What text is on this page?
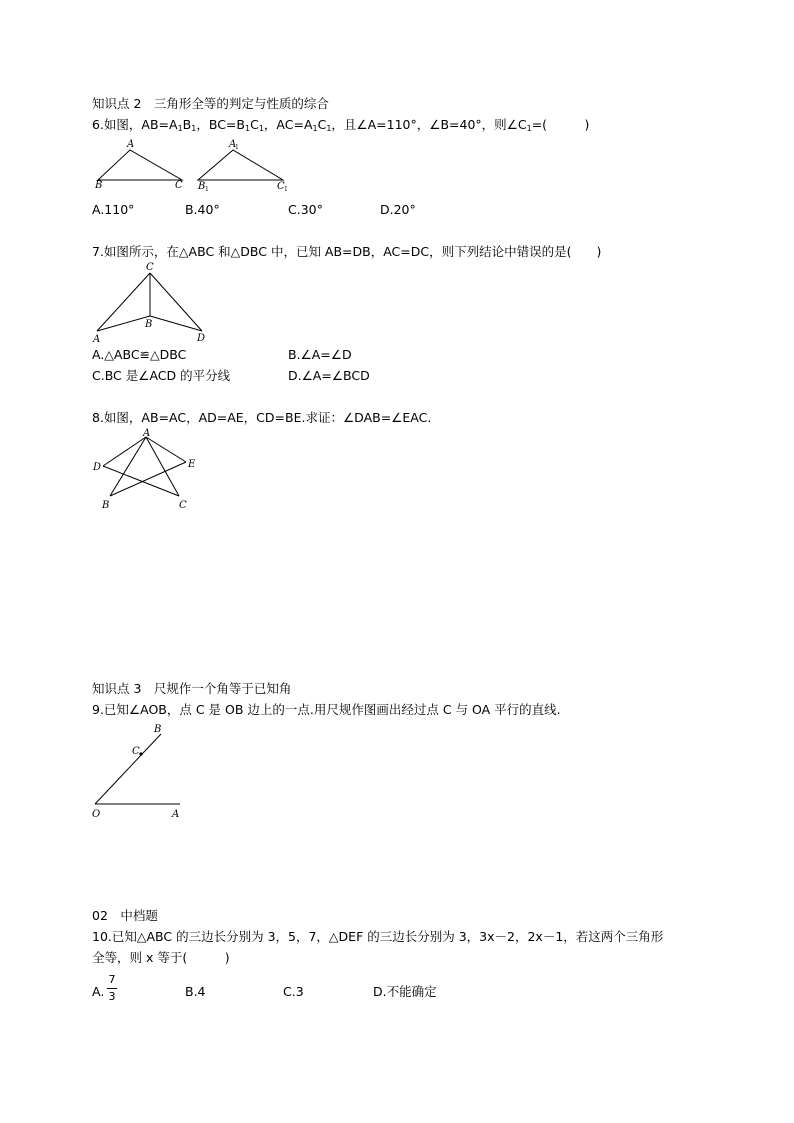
知识点 2　三角形全等的判定与性质的综合
6.如图，$AB=A_1B_1$，$BC=B_1C_1$，$AC=A_1C_1$，且∠A=110°，∠B=40°，则$\angle C_1=$(　　　)
A
B	C
A
1
B 1	C 1
A.110°	B.40°	C.30°	D.20°
7.如图所示，在△ABC 和△DBC 中，已知 AB=DB，AC=DC，则下列结论中错误的是(　　)
C
B
A	D
A.△ABC≌△DBC	B.∠A=∠D
C.BC 是∠ACD 的平分线	D.∠A=∠BCD
8.如图，AB=AC，AD=AE，CD=BE.求证：∠DAB=∠EAC.
A
D	E
B	C
知识点 3　尺规作一个角等于已知角
9.已知∠AOB，点 C 是 OB 边上的一点.用尺规作图画出经过点 C 与 OA 平行的直线.
B
C
O	A
02　中档题
10.已知△ABC 的三边长分别为 3，5，7，△DEF 的三边长分别为 3，3x－2，2x－1，若这两个三角形
全等，则 x 等于(　　　)
A.
7
3	B.4	C.3	D.不能确定
